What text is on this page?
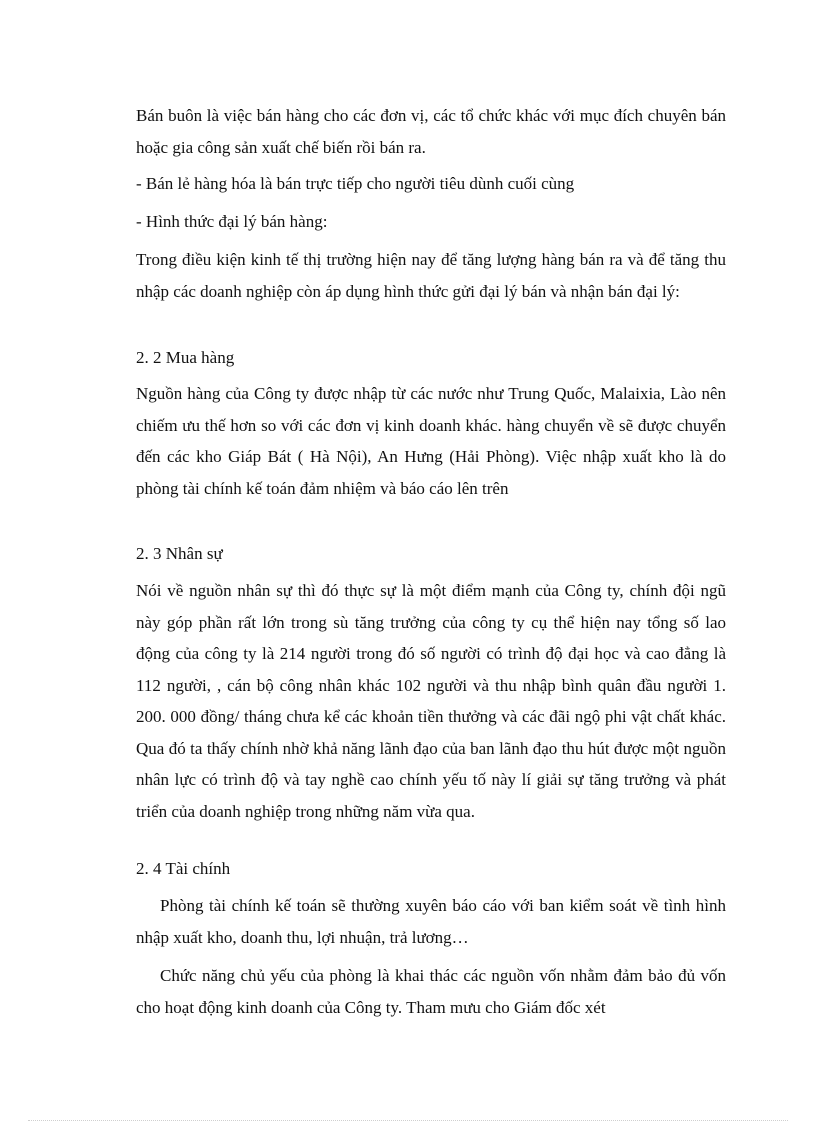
Bán buôn là việc bán hàng cho các đơn vị, các tổ chức khác với mục đích chuyên bán hoặc gia công sản xuất chế biến rồi bán ra.

- Bán lẻ hàng hóa là bán trực tiếp cho người tiêu dùnh cuối cùng

- Hình thức đại lý bán hàng:

Trong điều kiện kinh tế thị trường hiện nay để tăng lượng hàng bán ra và để tăng thu nhập các doanh nghiệp còn áp dụng hình thức gửi đại lý bán và nhận bán đại lý:

2. 2 Mua hàng

Nguồn hàng của Công ty được nhập từ các nước như Trung Quốc, Malaixia, Lào nên chiếm ưu thế hơn so với các đơn vị kinh doanh khác. hàng chuyển về sẽ được chuyển đến các kho Giáp Bát ( Hà Nội), An Hưng (Hải Phòng). Việc nhập xuất kho là do phòng tài chính kế toán đảm nhiệm và báo cáo lên trên

2. 3 Nhân sự

Nói về nguồn nhân sự thì đó thực sự là một điểm mạnh của Công ty, chính đội ngũ này góp phần rất lớn trong sù tăng trưởng của công ty cụ thể hiện nay tổng số lao động của công ty là 214 người trong đó số người có trình độ đại học và cao đẳng là 112 người, , cán bộ công nhân khác 102 người và thu nhập bình quân đầu người 1. 200. 000 đồng/ tháng chưa kể các khoản tiền thưởng và các đãi ngộ phi vật chất khác. Qua đó ta thấy chính nhờ khả năng lãnh đạo của ban lãnh đạo thu hút được một nguồn nhân lực có trình độ và tay nghề cao chính yếu tố này lí giải sự tăng trưởng và phát triển của doanh nghiệp trong những năm vừa qua.

2. 4 Tài chính

Phòng tài chính kế toán sẽ thường xuyên báo cáo với ban kiểm soát về tình hình nhập xuất kho, doanh thu, lợi nhuận, trả lương…

Chức năng chủ yếu của phòng là khai thác các nguồn vốn nhằm đảm bảo đủ vốn cho hoạt động kinh doanh của Công ty. Tham mưu cho Giám đốc xét
